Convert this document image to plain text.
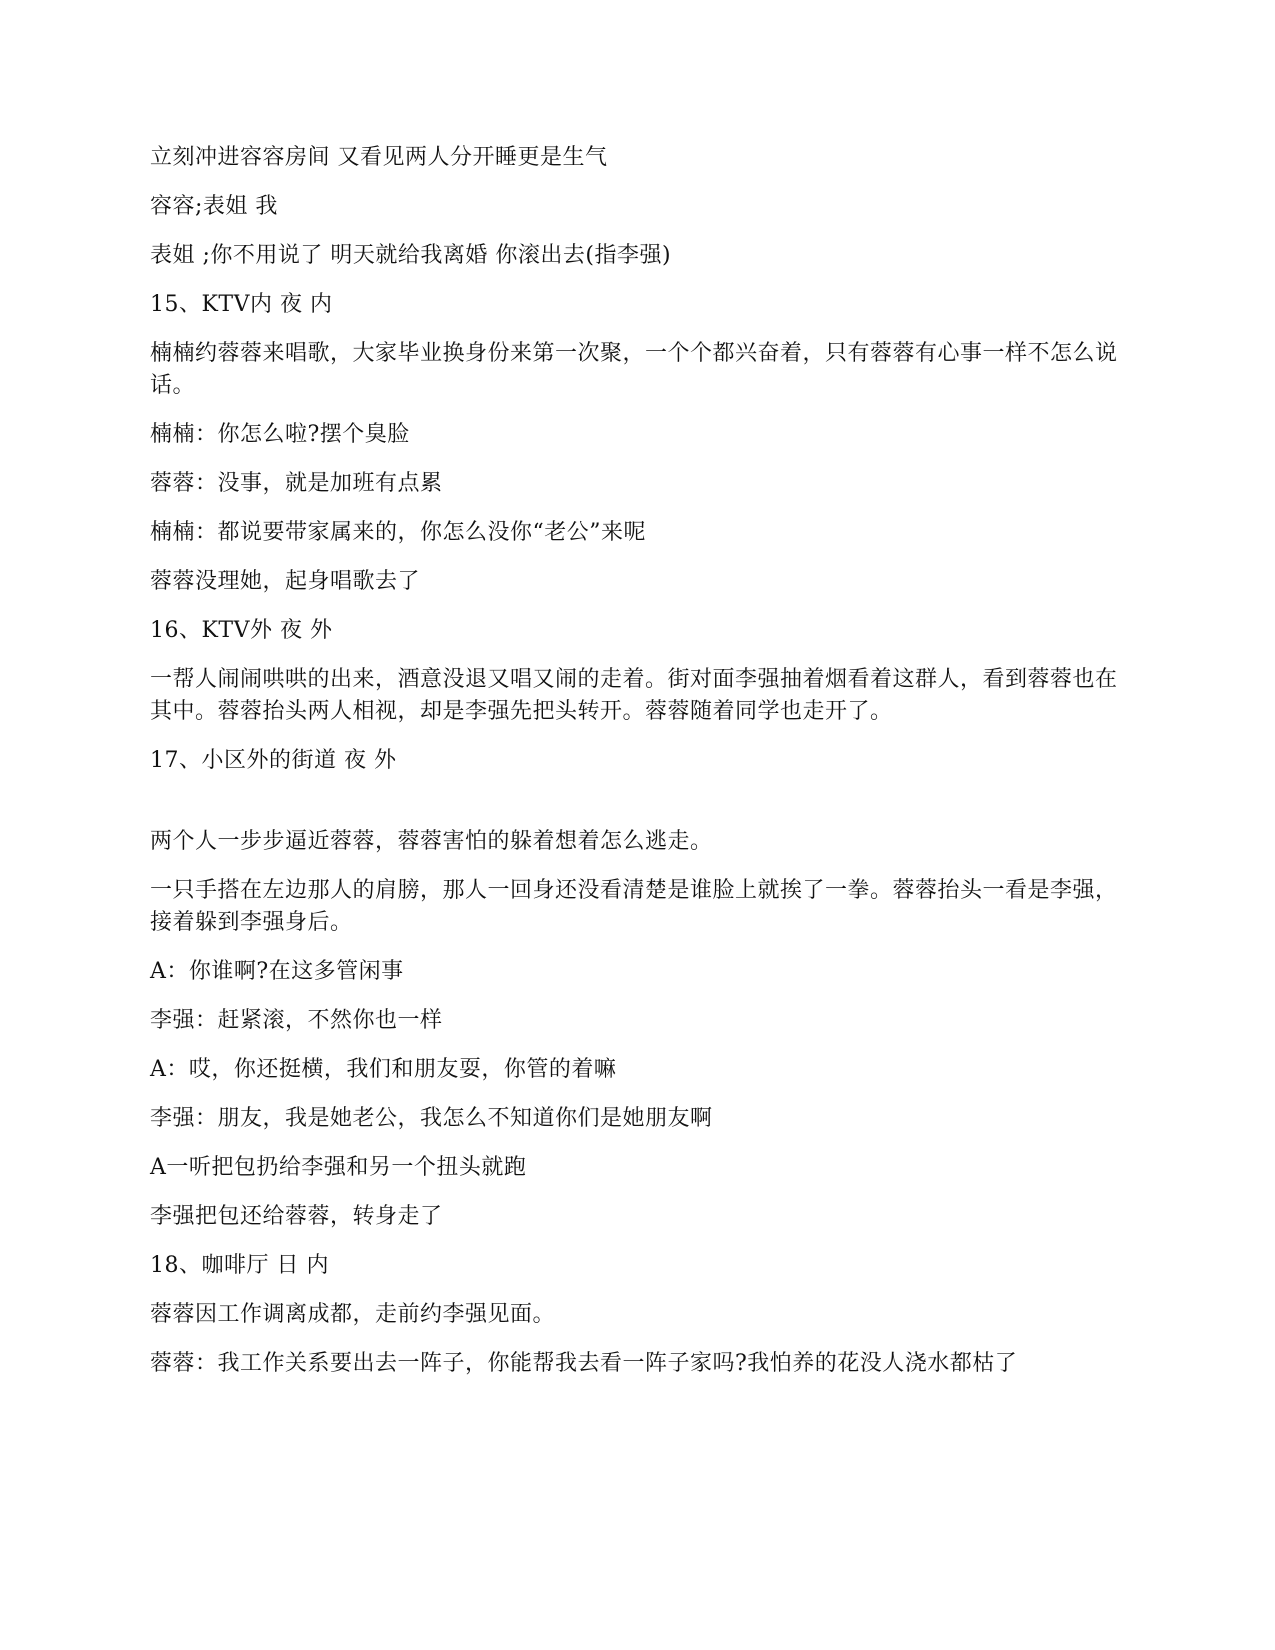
立刻冲进容容房间 又看见两人分开睡更是生气

容容;表姐 我

表姐 ;你不用说了 明天就给我离婚 你滚出去(指李强)

15、KTV内 夜 内

楠楠约蓉蓉来唱歌，大家毕业换身份来第一次聚，一个个都兴奋着，只有蓉蓉有心事一样不怎么说话。

楠楠：你怎么啦?摆个臭脸

蓉蓉：没事，就是加班有点累

楠楠：都说要带家属来的，你怎么没你“老公”来呢

蓉蓉没理她，起身唱歌去了

16、KTV外 夜 外

一帮人闹闹哄哄的出来，酒意没退又唱又闹的走着。街对面李强抽着烟看着这群人，看到蓉蓉也在其中。蓉蓉抬头两人相视，却是李强先把头转开。蓉蓉随着同学也走开了。

17、小区外的街道 夜 外

两个人一步步逼近蓉蓉，蓉蓉害怕的躲着想着怎么逃走。

一只手搭在左边那人的肩膀，那人一回身还没看清楚是谁脸上就挨了一拳。蓉蓉抬头一看是李强，接着躲到李强身后。

A：你谁啊?在这多管闲事

李强：赶紧滚，不然你也一样

A：哎，你还挺横，我们和朋友耍，你管的着嘛

李强：朋友，我是她老公，我怎么不知道你们是她朋友啊

A一听把包扔给李强和另一个扭头就跑

李强把包还给蓉蓉，转身走了

18、咖啡厅 日 内

蓉蓉因工作调离成都，走前约李强见面。

蓉蓉：我工作关系要出去一阵子，你能帮我去看一阵子家吗?我怕养的花没人浇水都枯了
